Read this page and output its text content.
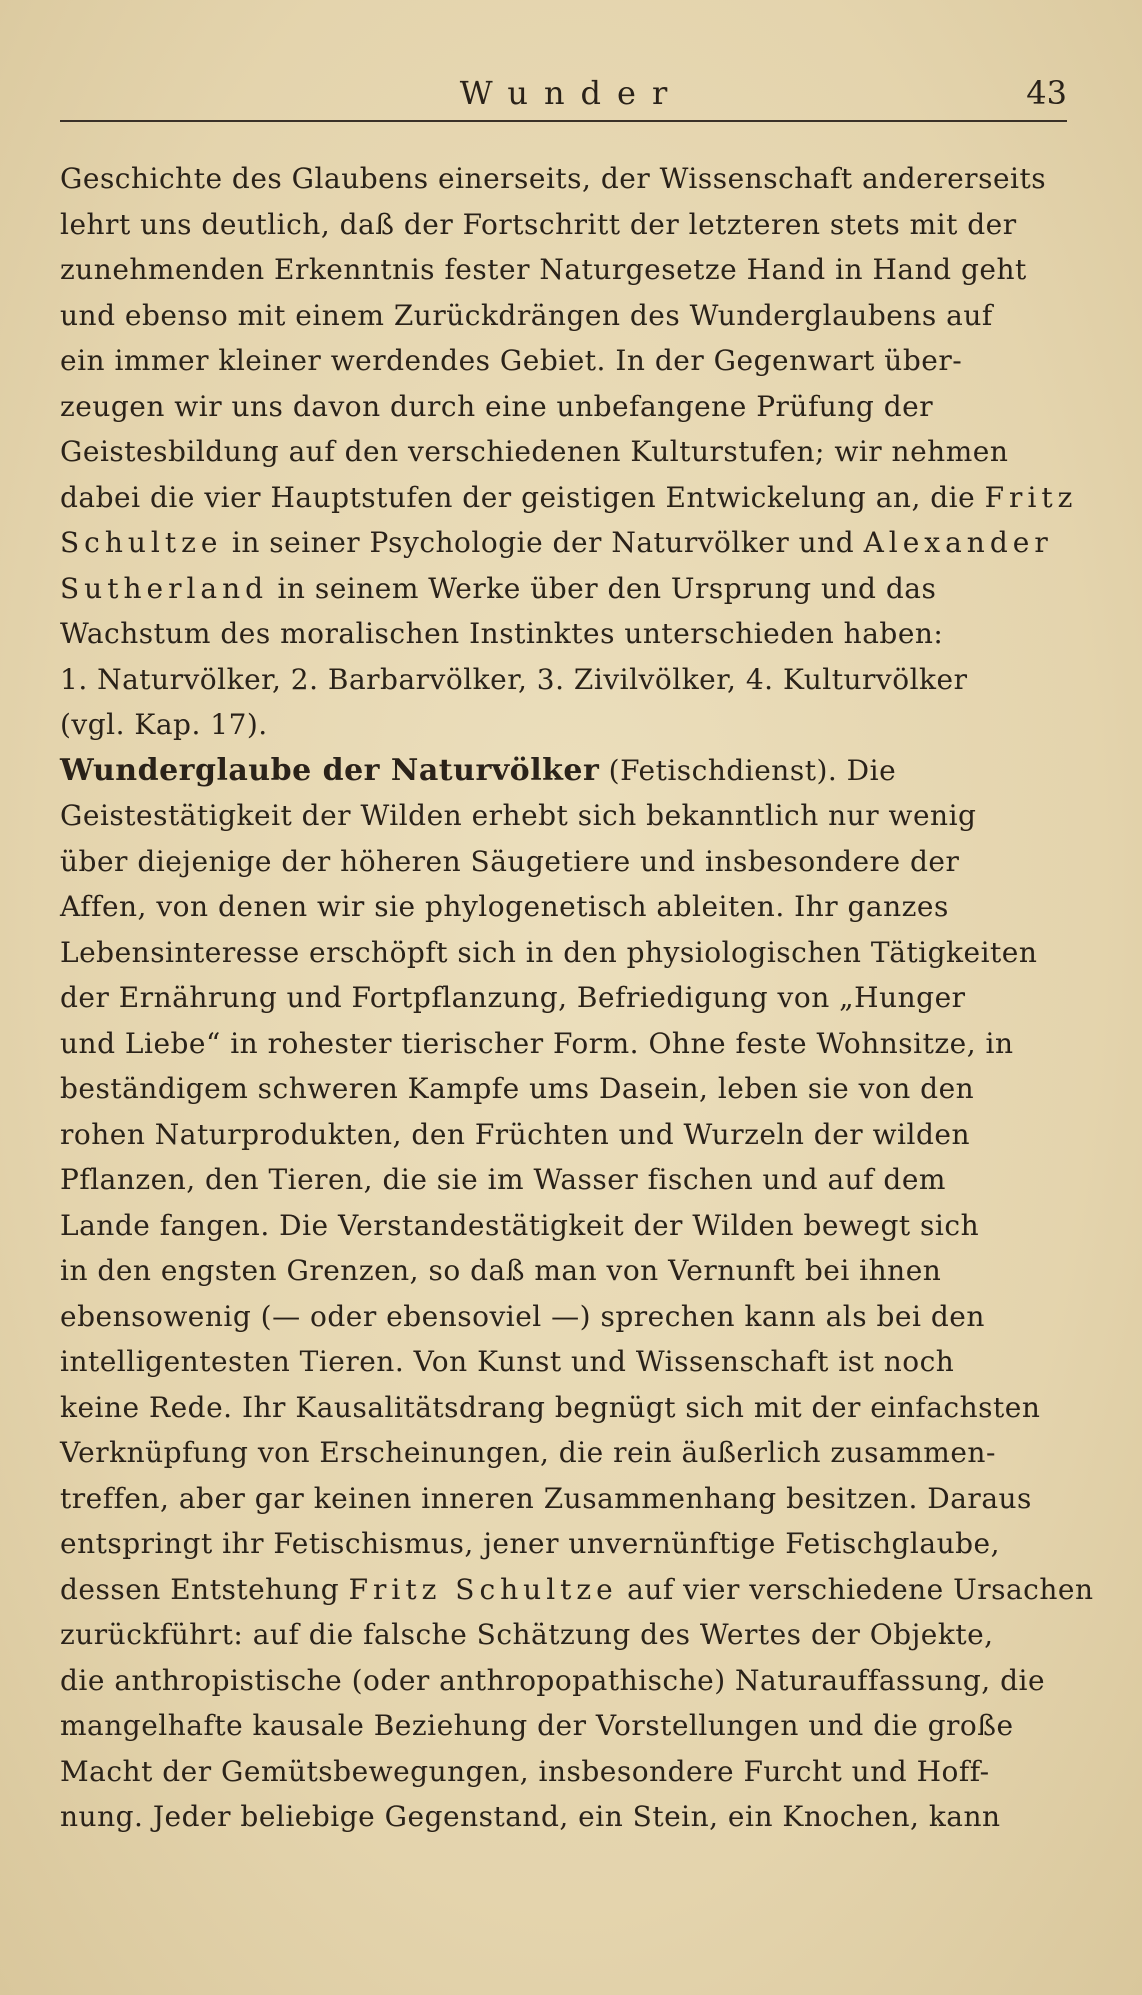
Wunder	43
Geschichte des Glaubens einerseits, der Wissenschaft andererseits
lehrt uns deutlich, daß der Fortschritt der letzteren stets mit der
zunehmenden Erkenntnis fester Naturgesetze Hand in Hand geht
und ebenso mit einem Zurückdrängen des Wunderglaubens auf
ein immer kleiner werdendes Gebiet. In der Gegenwart über-
zeugen wir uns davon durch eine unbefangene Prüfung der
Geistesbildung auf den verschiedenen Kulturstufen; wir nehmen
dabei die vier Hauptstufen der geistigen Entwickelung an, die Fritz
Schultze in seiner Psychologie der Naturvölker und Alexander
Sutherland in seinem Werke über den Ursprung und das
Wachstum des moralischen Instinktes unterschieden haben:
1. Naturvölker, 2. Barbarvölker, 3. Zivilvölker, 4. Kulturvölker
(vgl. Kap. 17).
Wunderglaube der Naturvölker (Fetischdienst). Die
Geistestätigkeit der Wilden erhebt sich bekanntlich nur wenig
über diejenige der höheren Säugetiere und insbesondere der
Affen, von denen wir sie phylogenetisch ableiten. Ihr ganzes
Lebensinteresse erschöpft sich in den physiologischen Tätigkeiten
der Ernährung und Fortpflanzung, Befriedigung von „Hunger
und Liebe“ in rohester tierischer Form. Ohne feste Wohnsitze, in
beständigem schweren Kampfe ums Dasein, leben sie von den
rohen Naturprodukten, den Früchten und Wurzeln der wilden
Pflanzen, den Tieren, die sie im Wasser fischen und auf dem
Lande fangen. Die Verstandestätigkeit der Wilden bewegt sich
in den engsten Grenzen, so daß man von Vernunft bei ihnen
ebensowenig (— oder ebensoviel —) sprechen kann als bei den
intelligentesten Tieren. Von Kunst und Wissenschaft ist noch
keine Rede. Ihr Kausalitätsdrang begnügt sich mit der einfachsten
Verknüpfung von Erscheinungen, die rein äußerlich zusammen-
treffen, aber gar keinen inneren Zusammenhang besitzen. Daraus
entspringt ihr Fetischismus, jener unvernünftige Fetischglaube,
dessen Entstehung Fritz Schultze auf vier verschiedene Ursachen
zurückführt: auf die falsche Schätzung des Wertes der Objekte,
die anthropistische (oder anthropopathische) Naturauffassung, die
mangelhafte kausale Beziehung der Vorstellungen und die große
Macht der Gemütsbewegungen, insbesondere Furcht und Hoff-
nung. Jeder beliebige Gegenstand, ein Stein, ein Knochen, kann
